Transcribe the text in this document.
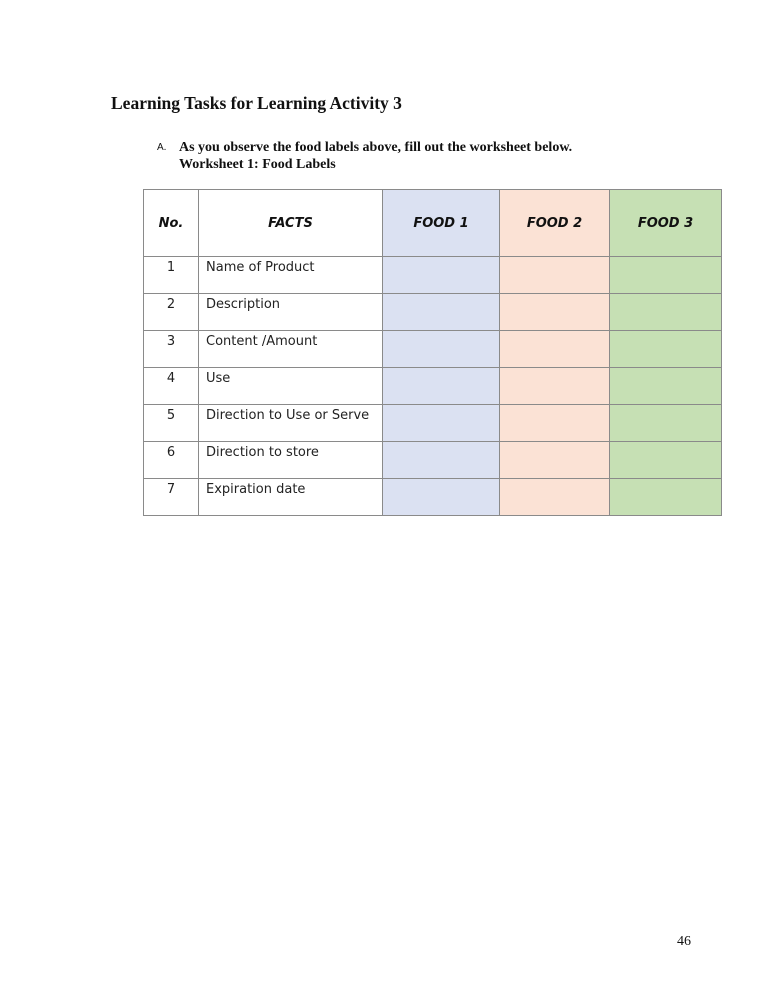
Learning Tasks for Learning Activity 3
A. As you observe the food labels above, fill out the worksheet below.
Worksheet 1: Food Labels
No.	FACTS	FOOD 1	FOOD 2	FOOD 3
1	Name of Product			
2	Description			
3	Content /Amount			
4	Use			
5	Direction to Use or Serve			
6	Direction to store			
7	Expiration date			
46
